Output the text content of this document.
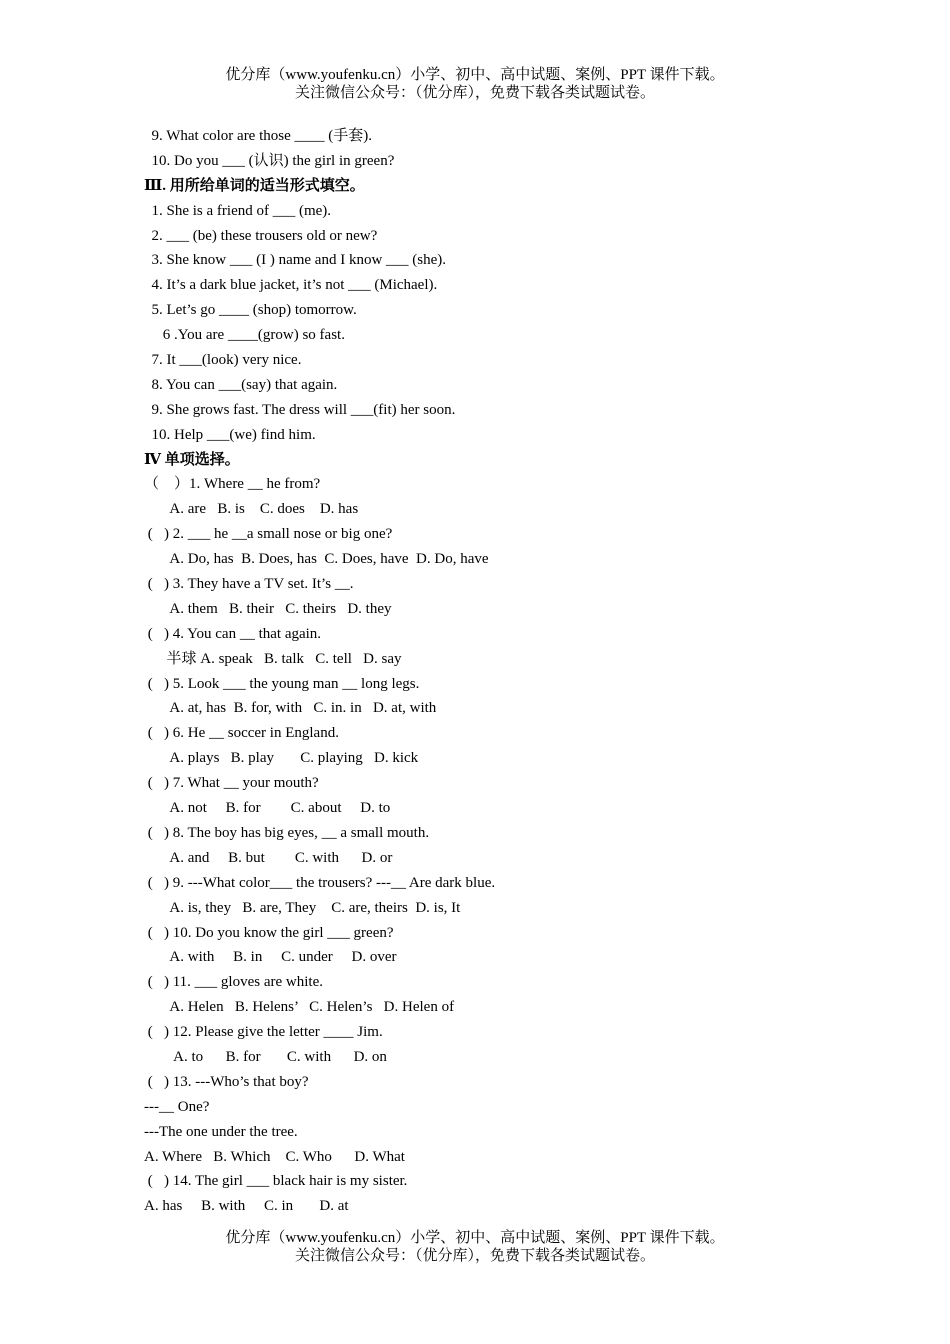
优分库（www.youfenku.cn）小学、初中、高中试题、案例、PPT 课件下载。
关注微信公众号：（优分库），免费下载各类试题试卷。
9. What color are those ____ (手套).
10. Do you ___ (认识) the girl in green?
Ⅲ. 用所给单词的适当形式填空。
1. She is a friend of ___ (me).
2. ___ (be) these trousers old or new?
3. She know ___ (I ) name and I know ___ (she).
4. It’s a dark blue jacket, it’s not ___ (Michael).
5. Let’s go ____ (shop) tomorrow.
6 .You are ____(grow) so fast.
7. It ___(look) very nice.
8. You can ___(say) that again.
9. She grows fast. The dress will ___(fit) her soon.
10. Help ___(we) find him.
Ⅳ 单项选择。
（　）1. Where __ he from?
A. are   B. is    C. does    D. has
(   ) 2. ___ he __a small nose or big one?
A. Do, has  B. Does, has  C. Does, have  D. Do, have
(   ) 3. They have a TV set. It’s __.
A. them   B. their   C. theirs   D. they
(   ) 4. You can __ that again.
半球 A. speak   B. talk   C. tell   D. say
(   ) 5. Look ___ the young man __ long legs.
A. at, has  B. for, with   C. in. in   D. at, with
(   ) 6. He __ soccer in England.
A. plays   B. play       C. playing   D. kick
(   ) 7. What __ your mouth?
A. not     B. for        C. about     D. to
(   ) 8. The boy has big eyes, __ a small mouth.
A. and     B. but        C. with      D. or
(   ) 9. ---What color___ the trousers? ---__ Are dark blue.
A. is, they   B. are, They    C. are, theirs  D. is, It
(   ) 10. Do you know the girl ___ green?
A. with     B. in     C. under     D. over
(   ) 11. ___ gloves are white.
A. Helen   B. Helens’   C. Helen’s   D. Helen of
(   ) 12. Please give the letter ____ Jim.
A. to      B. for       C. with      D. on
(   ) 13. ---Who’s that boy?
---__ One?
---The one under the tree.
A. Where   B. Which    C. Who      D. What
(   ) 14. The girl ___ black hair is my sister.
A. has     B. with     C. in       D. at
优分库（www.youfenku.cn）小学、初中、高中试题、案例、PPT 课件下载。
关注微信公众号：（优分库），免费下载各类试题试卷。
